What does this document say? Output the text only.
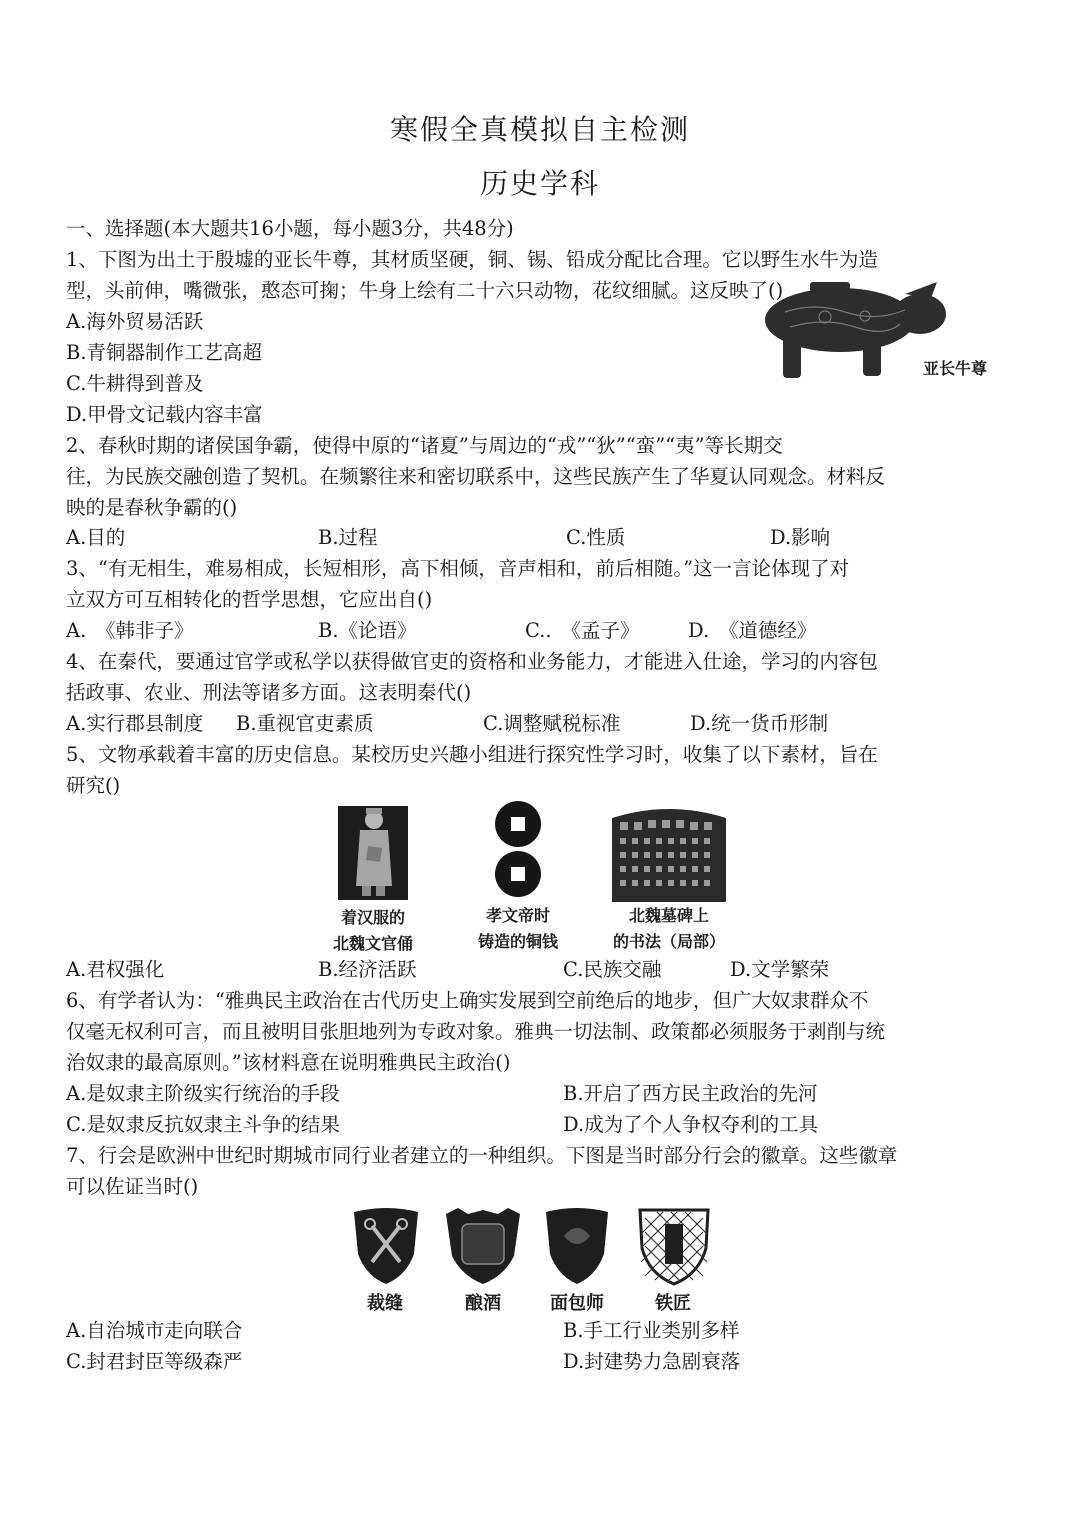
寒假全真模拟自主检测
历史学科
一、选择题(本大题共16小题，每小题3分，共48分)
1、下图为出土于殷墟的亚长牛尊，其材质坚硬，铜、锡、铅成分配比合理。它以野生水牛为造
型，头前伸，嘴微张，憨态可掬；牛身上绘有二十六只动物，花纹细腻。这反映了()
亚长牛尊
A.海外贸易活跃
B.青铜器制作工艺高超
C.牛耕得到普及
D.甲骨文记载内容丰富
2、春秋时期的诸侯国争霸，使得中原的“诸夏”与周边的“戎”“狄”“蛮”“夷”等长期交
往，为民族交融创造了契机。在频繁往来和密切联系中，这些民族产生了华夏认同观念。材料反
映的是春秋争霸的()
A.目的	B.过程	C.性质	D.影响
3、“有无相生，难易相成，长短相形，高下相倾，音声相和，前后相随。”这一言论体现了对
立双方可互相转化的哲学思想，它应出自()
A.　《韩非子》	B.《论语》	C..　《孟子》 D.　《道德经》
4、在秦代，要通过官学或私学以获得做官吏的资格和业务能力，才能进入仕途，学习的内容包
括政事、农业、刑法等诸多方面。这表明秦代()
A.实行郡县制度 B.重视官吏素质	C.调整赋税标准	D.统一货币形制
5、文物承载着丰富的历史信息。某校历史兴趣小组进行探究性学习时，收集了以下素材，旨在
研究()
着汉服的
北魏文官俑
孝文帝时
铸造的铜钱
北魏墓碑上
的书法（局部）
A.君权强化	B.经济活跃	C.民族交融	D.文学繁荣
6、有学者认为：“雅典民主政治在古代历史上确实发展到空前绝后的地步，但广大奴隶群众不
仅毫无权利可言，而且被明目张胆地列为专政对象。雅典一切法制、政策都必须服务于剥削与统
治奴隶的最高原则。”该材料意在说明雅典民主政治()
A.是奴隶主阶级实行统治的手段	B.开启了西方民主政治的先河
C.是奴隶反抗奴隶主斗争的结果	D.成为了个人争权夺利的工具
7、行会是欧洲中世纪时期城市同行业者建立的一种组织。下图是当时部分行会的徽章。这些徽章
可以佐证当时()
裁缝	酿酒	面包师	铁匠
A.自治城市走向联合	B.手工行业类别多样
C.封君封臣等级森严	D.封建势力急剧衰落
